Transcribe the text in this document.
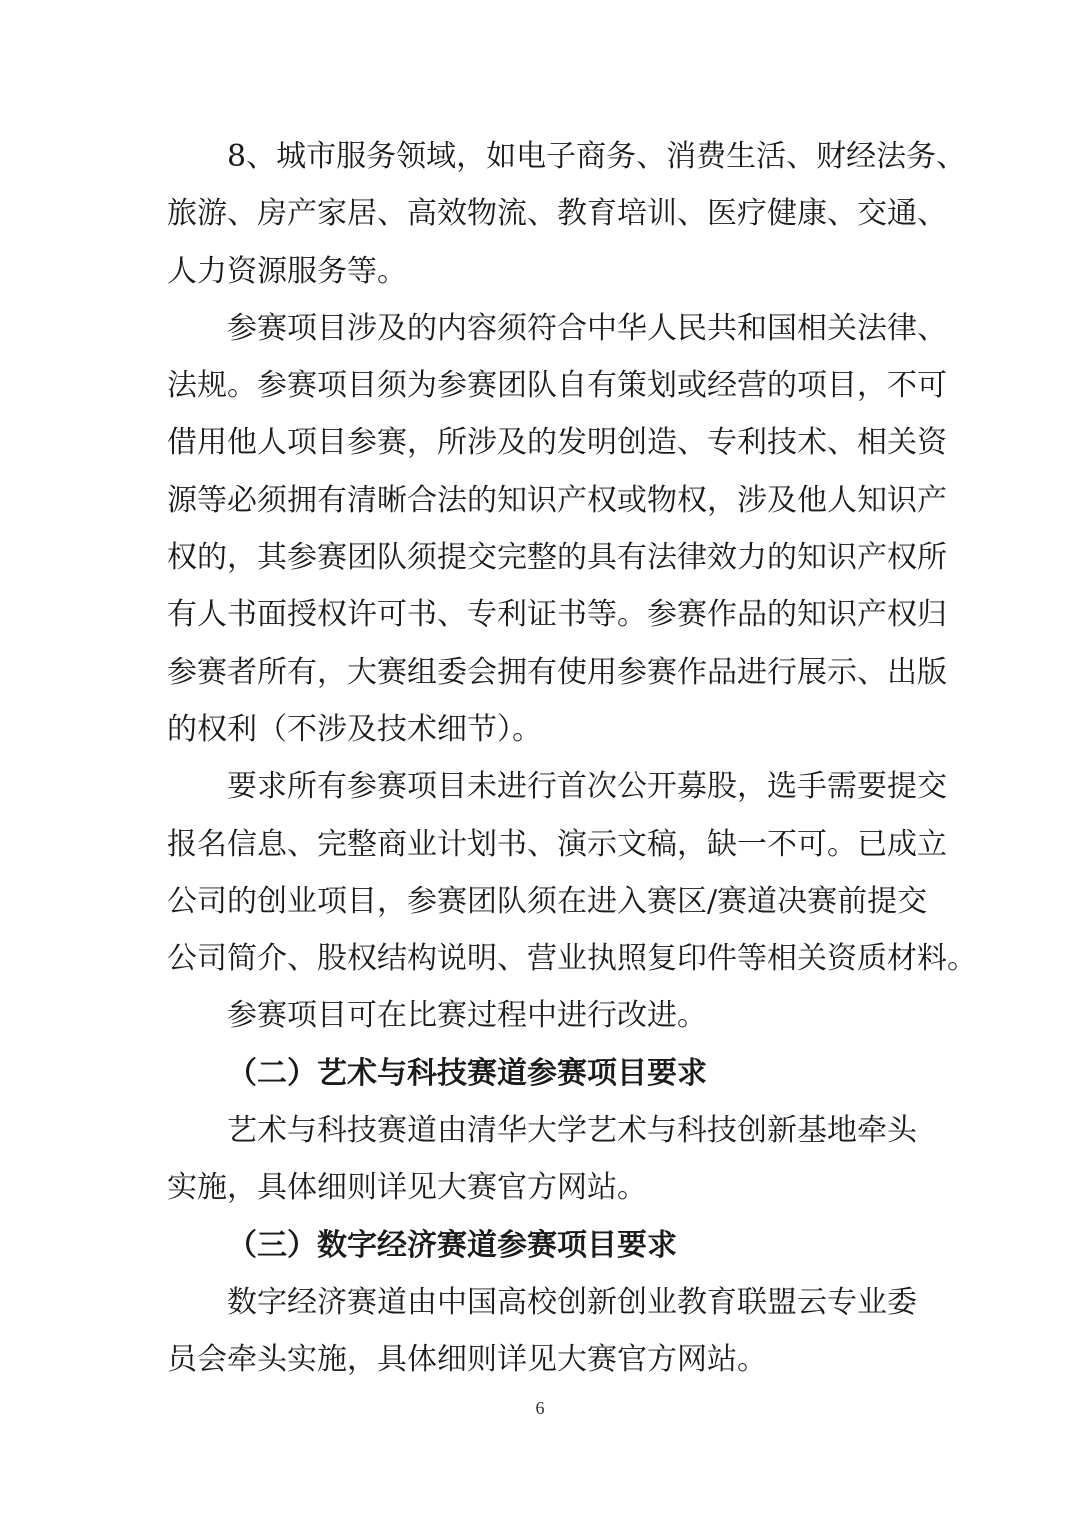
8、城市服务领域，如电子商务、消费生活、财经法务、
旅游、房产家居、高效物流、教育培训、医疗健康、交通、
人力资源服务等。
参赛项目涉及的内容须符合中华人民共和国相关法律、
法规。参赛项目须为参赛团队自有策划或经营的项目，不可
借用他人项目参赛，所涉及的发明创造、专利技术、相关资
源等必须拥有清晰合法的知识产权或物权，涉及他人知识产
权的，其参赛团队须提交完整的具有法律效力的知识产权所
有人书面授权许可书、专利证书等。参赛作品的知识产权归
参赛者所有，大赛组委会拥有使用参赛作品进行展示、出版
的权利（不涉及技术细节）。
要求所有参赛项目未进行首次公开募股，选手需要提交
报名信息、完整商业计划书、演示文稿，缺一不可。已成立
公司的创业项目，参赛团队须在进入赛区/赛道决赛前提交
公司简介、股权结构说明、营业执照复印件等相关资质材料。
参赛项目可在比赛过程中进行改进。
（二）艺术与科技赛道参赛项目要求
艺术与科技赛道由清华大学艺术与科技创新基地牵头
实施，具体细则详见大赛官方网站。
（三）数字经济赛道参赛项目要求
数字经济赛道由中国高校创新创业教育联盟云专业委
员会牵头实施，具体细则详见大赛官方网站。
6
